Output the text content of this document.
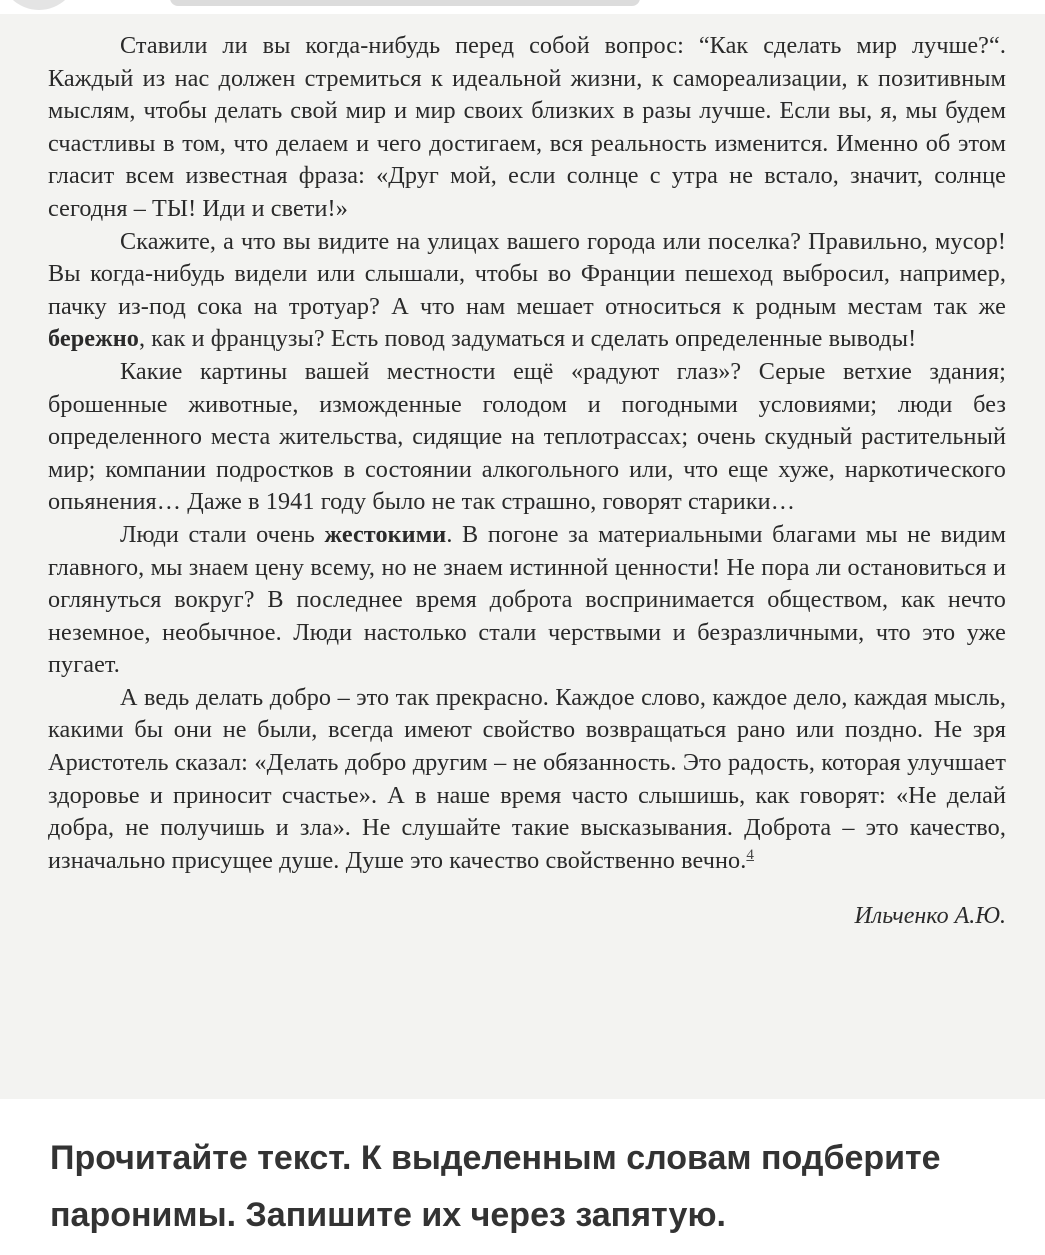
Ставили ли вы когда-нибудь перед собой вопрос: “Как сделать мир лучше?“. Каждый из нас должен стремиться к идеальной жизни, к самореализации, к позитивным мыслям, чтобы делать свой мир и мир своих близких в разы лучше. Если вы, я, мы будем счастливы в том, что делаем и чего достигаем, вся реальность изменится. Именно об этом гласит всем известная фраза: «Друг мой, если солнце с утра не встало, значит, солнце сегодня – ТЫ! Иди и свети!»

Скажите, а что вы видите на улицах вашего города или поселка? Правильно, мусор! Вы когда-нибудь видели или слышали, чтобы во Франции пешеход выбросил, например, пачку из-под сока на тротуар? А что нам мешает относиться к родным местам так же бережно, как и французы? Есть повод задуматься и сделать определенные выводы!

Какие картины вашей местности ещё «радуют глаз»? Серые ветхие здания; брошенные животные, изможденные голодом и погодными условиями; люди без определенного места жительства, сидящие на теплотрассах; очень скудный растительный мир; компании подростков в состоянии алкогольного или, что еще хуже, наркотического опьянения… Даже в 1941 году было не так страшно, говорят старики…

Люди стали очень жестокими. В погоне за материальными благами мы не видим главного, мы знаем цену всему, но не знаем истинной ценности! Не пора ли остановиться и оглянуться вокруг? В последнее время доброта воспринимается обществом, как нечто неземное, необычное. Люди настолько стали черствыми и безразличными, что это уже пугает.

А ведь делать добро – это так прекрасно. Каждое слово, каждое дело, каждая мысль, какими бы они не были, всегда имеют свойство возвращаться рано или поздно. Не зря Аристотель сказал: «Делать добро другим – не обязанность. Это радость, которая улучшает здоровье и приносит счастье». А в наше время часто слышишь, как говорят: «Не делай добра, не получишь и зла». Не слушайте такие высказывания. Доброта – это качество, изначально присущее душе. Душе это качество свойственно вечно.$^4$

Ильченко А.Ю.
Прочитайте текст. К выделенным словам подберите паронимы. Запишите их через запятую.
